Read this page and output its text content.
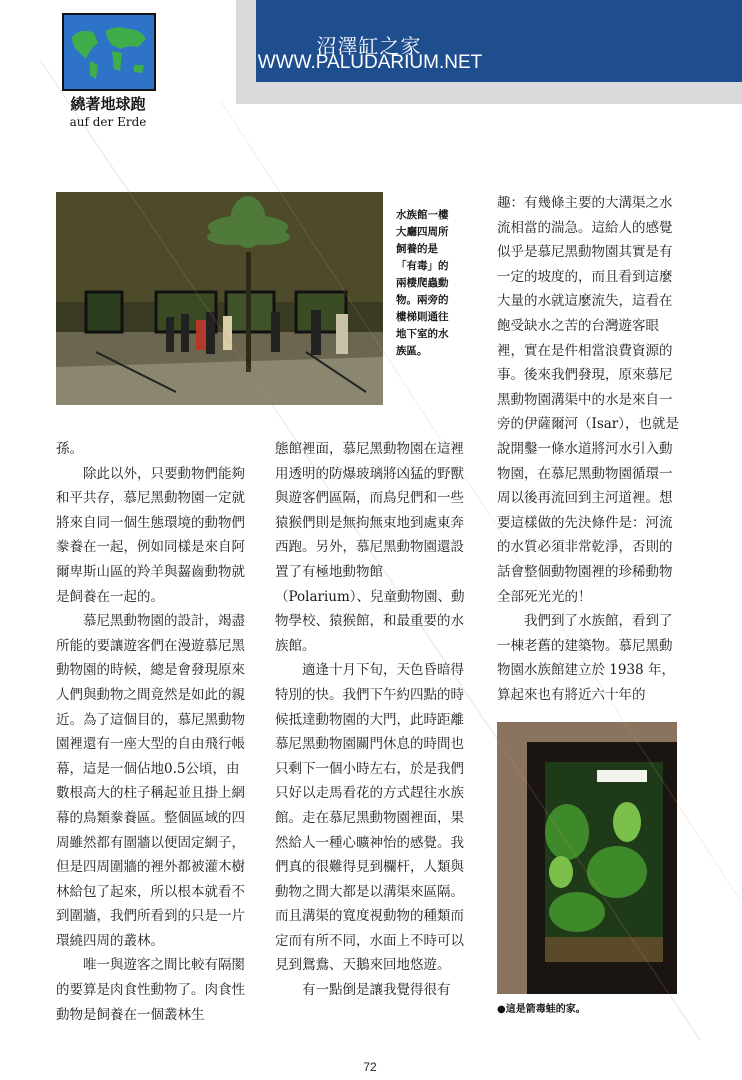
沼澤缸之家
WWW.PALUDARIUM.NET
繞著地球跑
auf der Erde
水族館一樓大廳四周所飼養的是「有毒」的兩棲爬蟲動物。兩旁的樓梯則通往地下室的水族區。
●這是箭毒蛙的家。

孫。

除此以外，只要動物們能夠和平共存，慕尼黑動物園一定就將來自同一個生態環境的動物們豢養在一起，例如同樣是來自阿爾卑斯山區的羚羊與齧齒動物就是飼養在一起的。

慕尼黑動物園的設計，竭盡所能的要讓遊客們在漫遊慕尼黑動物園的時候，總是會發現原來人們與動物之間竟然是如此的親近。為了這個目的，慕尼黑動物園裡還有一座大型的自由飛行帳幕，這是一個佔地0.5公頃，由數根高大的柱子稱起並且掛上網幕的鳥類豢養區。整個區域的四周雖然都有圍牆以便固定網子，但是四周圍牆的裡外都被灌木樹林給包了起來，所以根本就看不到圍牆，我們所看到的只是一片環繞四周的叢林。

唯一與遊客之間比較有隔閡的要算是肉食性動物了。肉食性動物是飼養在一個叢林生

態館裡面，慕尼黑動物園在這裡用透明的防爆玻璃將凶猛的野獸與遊客們區隔，而鳥兒們和一些猿猴們則是無拘無束地到處東奔西跑。另外，慕尼黑動物園還設置了有極地動物館（Polarium）、兒童動物園、動物學校、猿猴館，和最重要的水族館。

適逢十月下旬，天色昏暗得特別的快。我們下午約四點的時候抵達動物園的大門，此時距離慕尼黑動物園關門休息的時間也只剩下一個小時左右，於是我們只好以走馬看花的方式趕往水族館。走在慕尼黑動物園裡面，果然給人一種心曠神怡的感覺。我們真的很難得見到欄杆，人類與動物之間大都是以溝渠來區隔。而且溝渠的寬度視動物的種類而定而有所不同，水面上不時可以見到鴛鴦、天鵝來回地悠遊。

有一點倒是讓我覺得很有

趣：有幾條主要的大溝渠之水流相當的湍急。這給人的感覺似乎是慕尼黑動物園其實是有一定的坡度的，而且看到這麼大量的水就這麼流失，這看在飽受缺水之苦的台灣遊客眼裡，實在是件相當浪費資源的事。後來我們發現，原來慕尼黑動物園溝渠中的水是來自一旁的伊薩爾河（Isar），也就是說開鑿一條水道將河水引入動物園，在慕尼黑動物園循環一周以後再流回到主河道裡。想要這樣做的先決條件是：河流的水質必須非常乾淨，否則的話會整個動物園裡的珍稀動物全部死光光的！

我們到了水族館，看到了一棟老舊的建築物。慕尼黑動物園水族館建立於 1938 年，算起來也有將近六十年的

72
